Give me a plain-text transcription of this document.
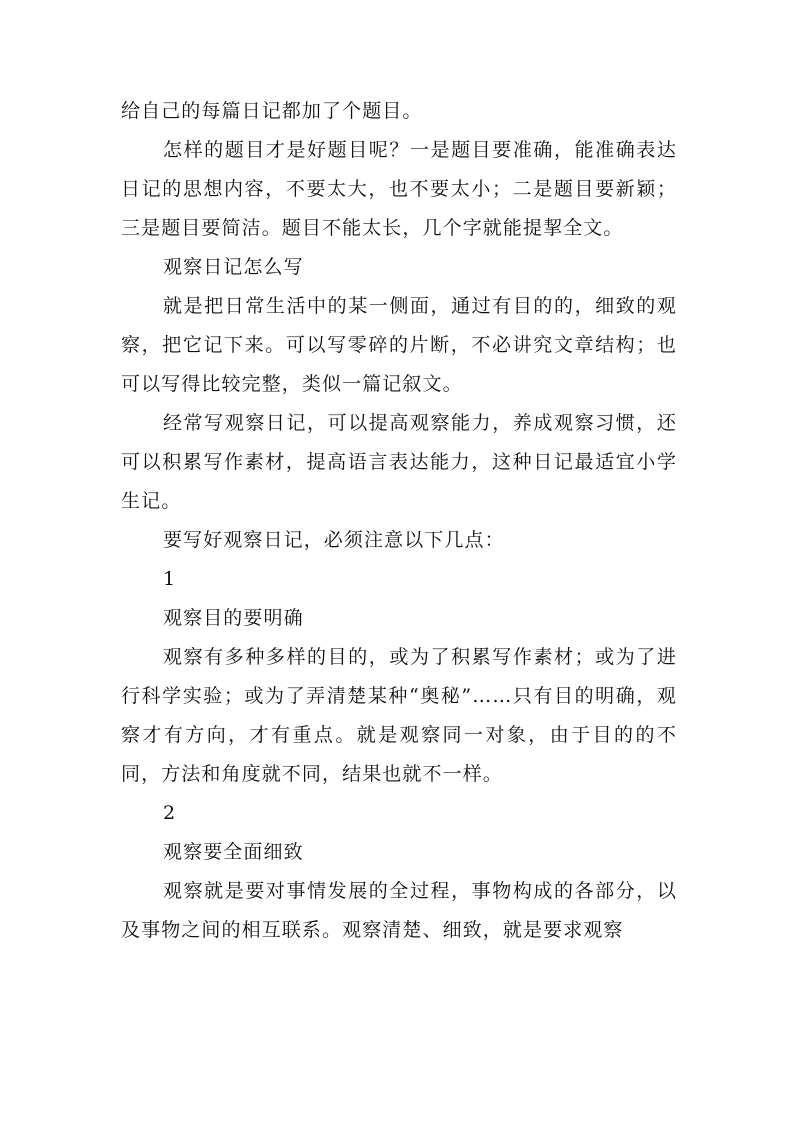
给自己的每篇日记都加了个题目。

怎样的题目才是好题目呢？一是题目要准确，能准确表达日记的思想内容，不要太大，也不要太小；二是题目要新颖；三是题目要简洁。题目不能太长，几个字就能提挈全文。

观察日记怎么写

就是把日常生活中的某一侧面，通过有目的的，细致的观察，把它记下来。可以写零碎的片断，不必讲究文章结构；也可以写得比较完整，类似一篇记叙文。

经常写观察日记，可以提高观察能力，养成观察习惯，还可以积累写作素材，提高语言表达能力，这种日记最适宜小学生记。

要写好观察日记，必须注意以下几点：

1

观察目的要明确

观察有多种多样的目的，或为了积累写作素材；或为了进行科学实验；或为了弄清楚某种“奥秘”……只有目的明确，观察才有方向，才有重点。就是观察同一对象，由于目的的不同，方法和角度就不同，结果也就不一样。

2

观察要全面细致

观察就是要对事情发展的全过程，事物构成的各部分，以及事物之间的相互联系。观察清楚、细致，就是要求观察
